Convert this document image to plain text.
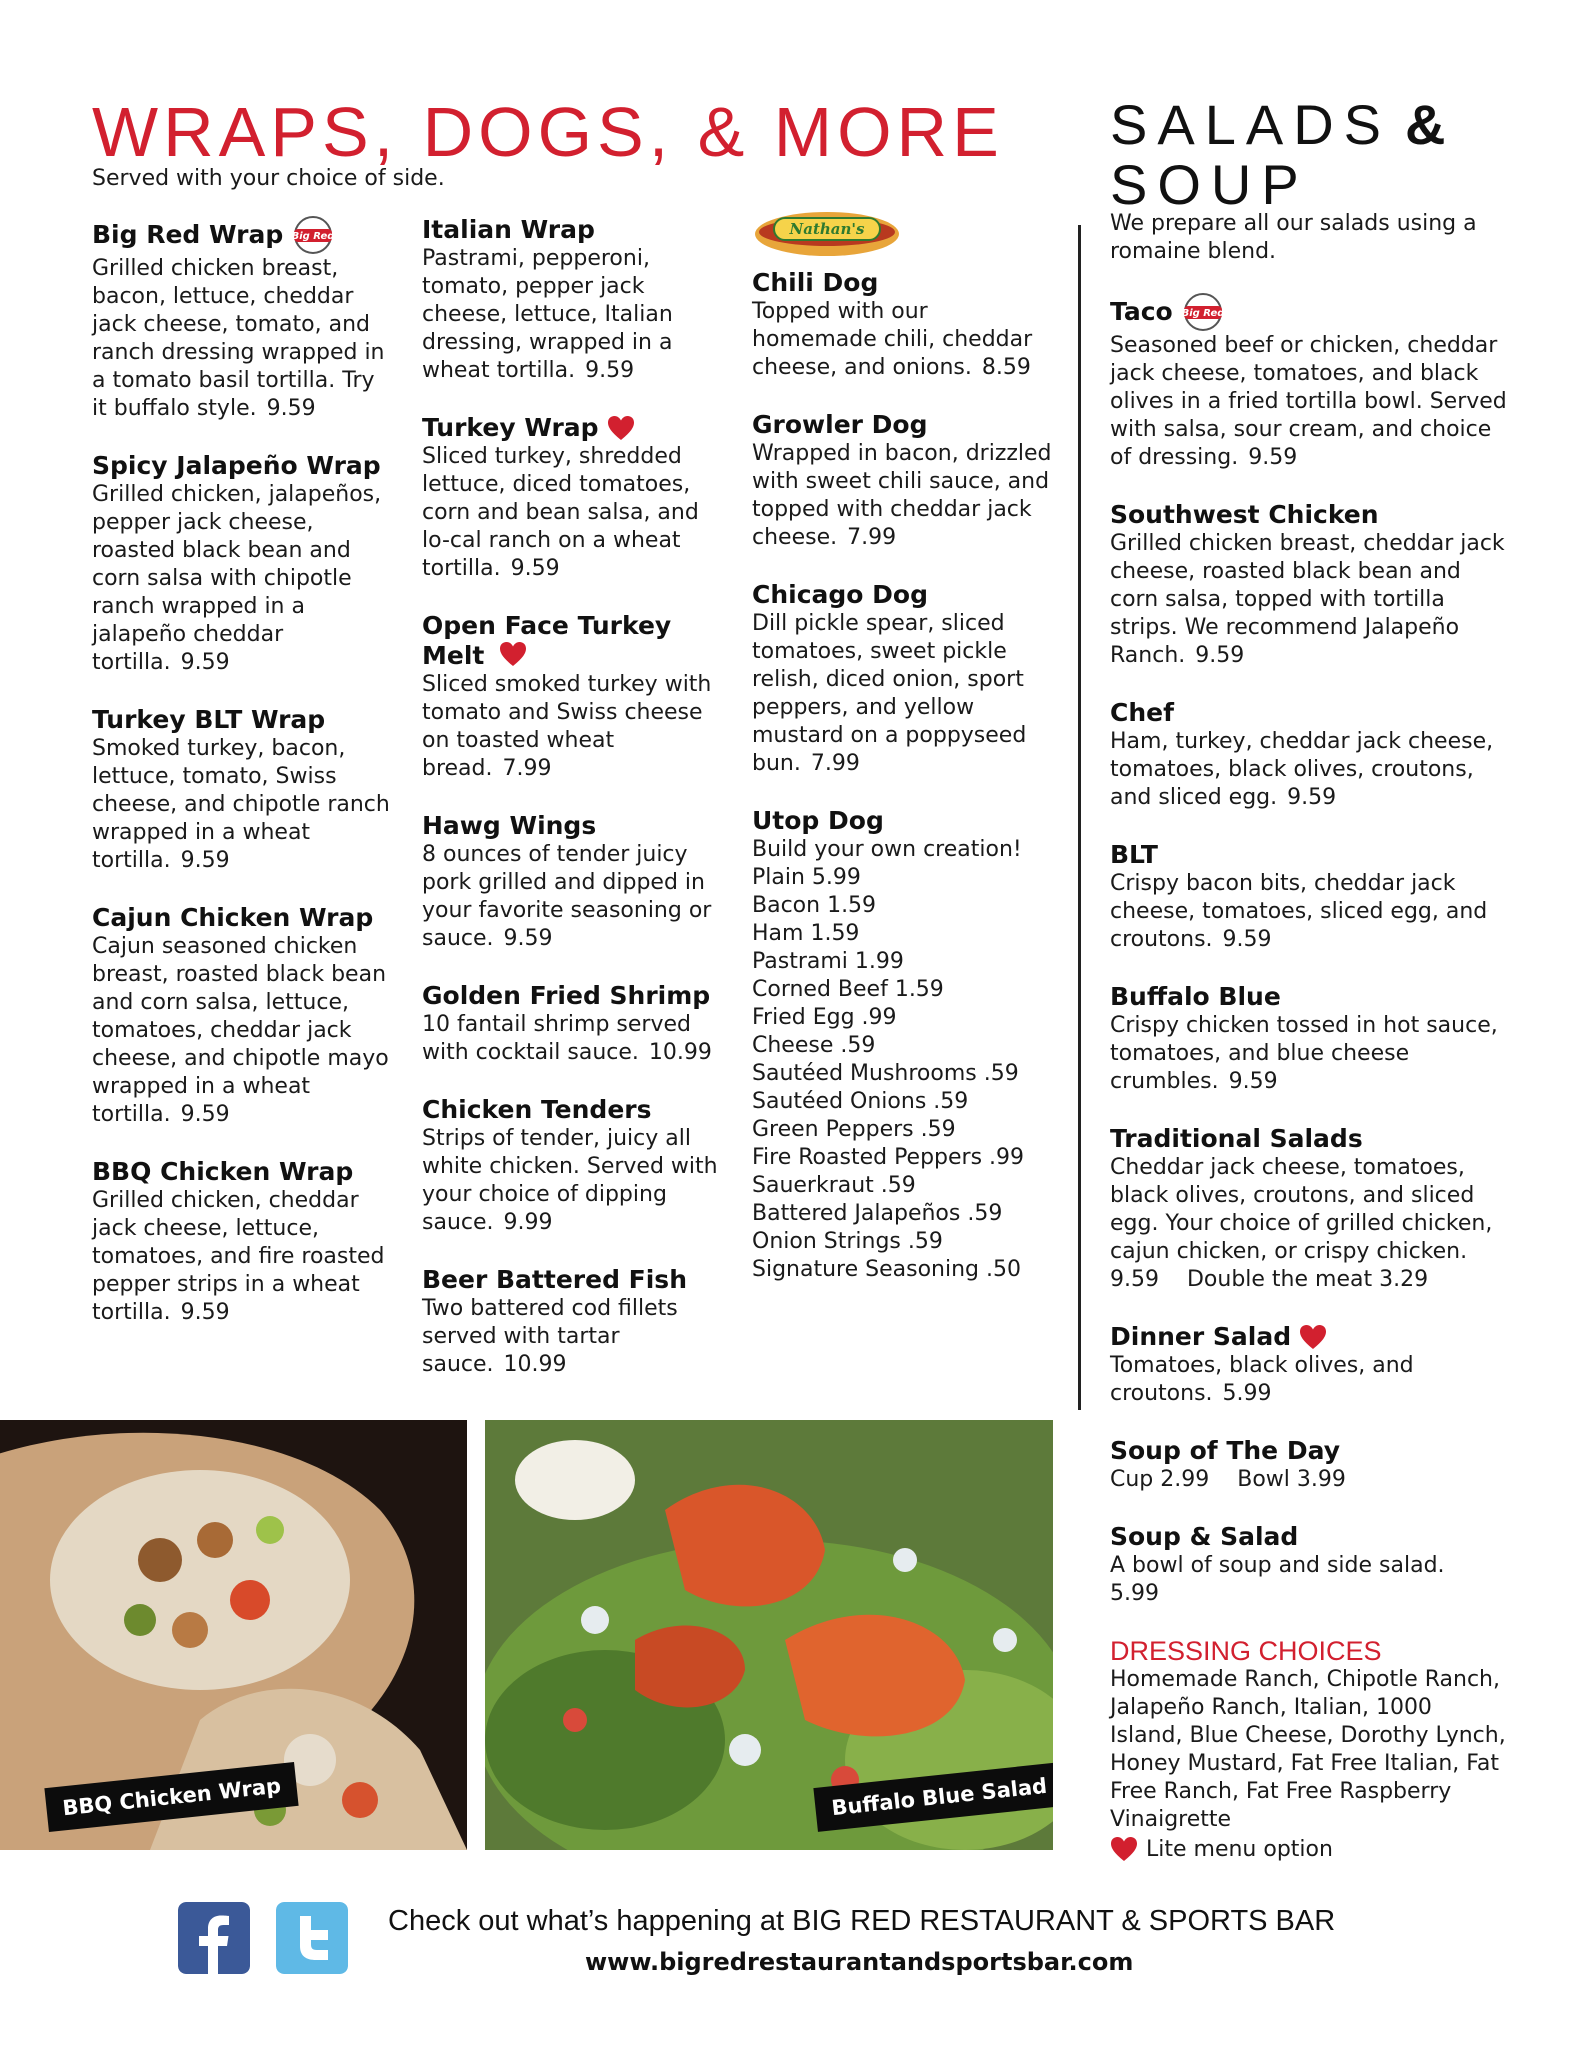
WRAPS, DOGS, & MORE
Served with your choice of side.
Big Red Wrap Big Red
Grilled chicken breast, bacon, lettuce, cheddar jack cheese, tomato, and ranch dressing wrapped in a tomato basil tortilla. Try it buffalo style. 9.59
Spicy Jalapeño Wrap
Grilled chicken, jalapeños, pepper jack cheese, roasted black bean and corn salsa with chipotle ranch wrapped in a jalapeño cheddar tortilla. 9.59
Turkey BLT Wrap
Smoked turkey, bacon, lettuce, tomato, Swiss cheese, and chipotle ranch wrapped in a wheat tortilla. 9.59
Cajun Chicken Wrap
Cajun seasoned chicken breast, roasted black bean and corn salsa, lettuce, tomatoes, cheddar jack cheese, and chipotle mayo wrapped in a wheat tortilla. 9.59
BBQ Chicken Wrap
Grilled chicken, cheddar jack cheese, lettuce, tomatoes, and fire roasted pepper strips in a wheat tortilla. 9.59
Italian Wrap
Pastrami, pepperoni, tomato, pepper jack cheese, lettuce, Italian dressing, wrapped in a wheat tortilla. 9.59
Turkey Wrap
Sliced turkey, shredded lettuce, diced tomatoes, corn and bean salsa, and lo-cal ranch on a wheat tortilla. 9.59
Open Face Turkey Melt
Sliced smoked turkey with tomato and Swiss cheese on toasted wheat bread. 7.99
Hawg Wings
8 ounces of tender juicy pork grilled and dipped in your favorite seasoning or sauce. 9.59
Golden Fried Shrimp
10 fantail shrimp served with cocktail sauce. 10.99
Chicken Tenders
Strips of tender, juicy all white chicken. Served with your choice of dipping sauce. 9.99
Beer Battered Fish
Two battered cod fillets served with tartar sauce. 10.99
Nathan's
Chili Dog
Topped with our homemade chili, cheddar cheese, and onions. 8.59
Growler Dog
Wrapped in bacon, drizzled with sweet chili sauce, and topped with cheddar jack cheese. 7.99
Chicago Dog
Dill pickle spear, sliced tomatoes, sweet pickle relish, diced onion, sport peppers, and yellow mustard on a poppyseed bun. 7.99
Utop Dog
Build your own creation!
Plain 5.99
Bacon 1.59
Ham 1.59
Pastrami 1.99
Corned Beef 1.59
Fried Egg .99
Cheese .59
Sautéed Mushrooms .59
Sautéed Onions .59
Green Peppers .59
Fire Roasted Peppers .99
Sauerkraut .59
Battered Jalapeños .59
Onion Strings .59
Signature Seasoning .50
SALADS &
SOUP

We prepare all our salads using a romaine blend.

Taco Big Red
Seasoned beef or chicken, cheddar jack cheese, tomatoes, and black olives in a fried tortilla bowl. Served with salsa, sour cream, and choice of dressing. 9.59
Southwest Chicken
Grilled chicken breast, cheddar jack cheese, roasted black bean and corn salsa, topped with tortilla strips. We recommend Jalapeño Ranch. 9.59
Chef
Ham, turkey, cheddar jack cheese, tomatoes, black olives, croutons, and sliced egg. 9.59
BLT
Crispy bacon bits, cheddar jack cheese, tomatoes, sliced egg, and croutons. 9.59
Buffalo Blue
Crispy chicken tossed in hot sauce, tomatoes, and blue cheese crumbles. 9.59
Traditional Salads
Cheddar jack cheese, tomatoes, black olives, croutons, and sliced egg. Your choice of grilled chicken, cajun chicken, or crispy chicken.
9.59 Double the meat 3.29
Dinner Salad
Tomatoes, black olives, and croutons. 5.99
Soup of The Day
Cup 2.99 Bowl 3.99
Soup & Salad
A bowl of soup and side salad.
5.99
DRESSING CHOICES
Homemade Ranch, Chipotle Ranch, Jalapeño Ranch, Italian, 1000 Island, Blue Cheese, Dorothy Lynch, Honey Mustard, Fat Free Italian, Fat Free Ranch, Fat Free Raspberry Vinaigrette
Lite menu option
BBQ Chicken Wrap	Buffalo Blue Salad
Check out what’s happening at BIG RED RESTAURANT & SPORTS BAR
www.bigredrestaurantandsportsbar.com
